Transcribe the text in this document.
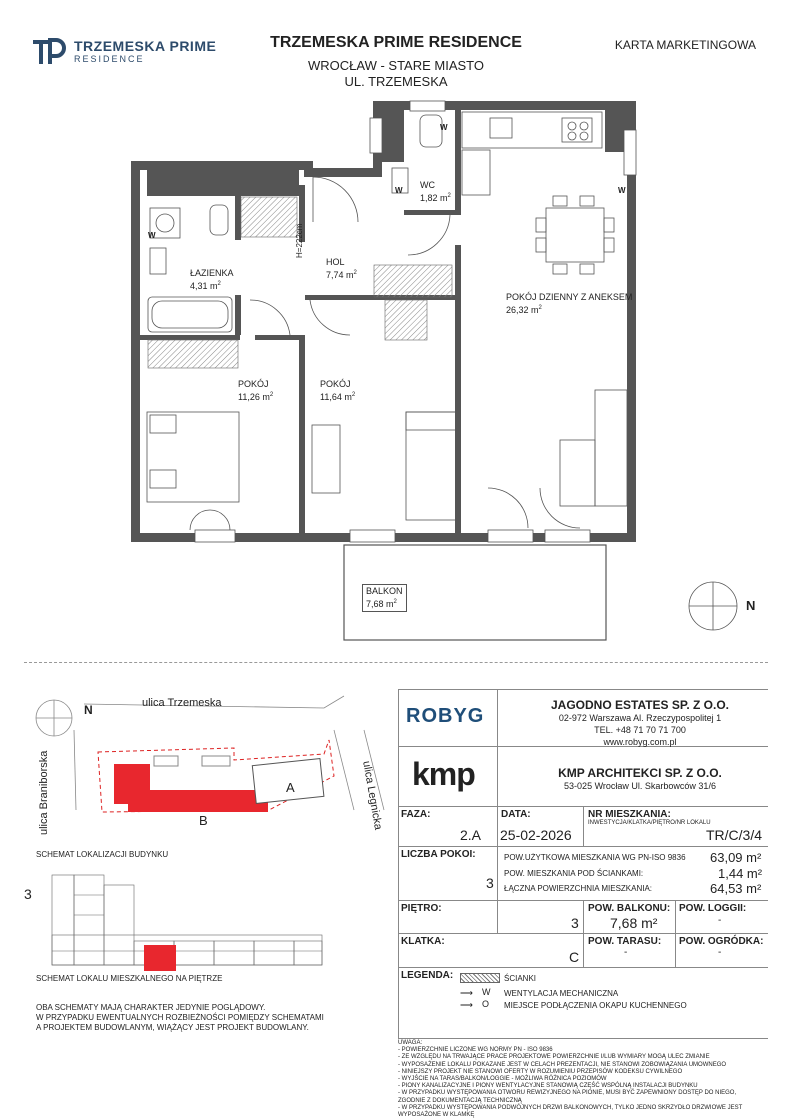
TRZEMESKA PRIME
RESIDENCE
TRZEMESKA PRIME RESIDENCE
WROCŁAW - STARE MIASTO
UL. TRZEMESKA
KARTA MARKETINGOWA
WC
1,82 $m^2$
ŁAZIENKA
4,31 $m^2$
HOL
7,74 $m^2$
POKÓJ DZIENNY Z ANEKSEM
26,32 $m^2$
POKÓJ
11,26 $m^2$
POKÓJ
11,64 $m^2$
BALKON
7,68 $m^2$
H=222cm
W
W
W	W
N
ulica Trzemeska
ulica Braniborska	ulica Legnicka
A
B
N
SCHEMAT LOKALIZACJI BUDYNKU
SCHEMAT LOKALU MIESZKALNEGO NA PIĘTRZE
3
OBA SCHEMATY MAJĄ CHARAKTER JEDYNIE POGLĄDOWY.
W PRZYPADKU EWENTUALNYCH ROZBIEŻNOŚCI POMIĘDZY SCHEMATAMI
A PROJEKTEM BUDOWLANYM, WIĄŻĄCY JEST PROJEKT BUDOWLANY.
ROBYG	JAGODNO ESTATES SP. Z O.O.
02-972 Warszawa Al. Rzeczypospolitej 1
TEL. +48 71 70 71 700
www.robyg.com.pl
kmp	KMP ARCHITEKCI SP. Z O.O.
53-025 Wrocław Ul. Skarbowców 31/6
FAZA:
2.A
DATA:
25-02-2026
NR MIESZKANIA:
INWESTYCJA/KLATKA/PIĘTRO/NR LOKALU
TR/C/3/4
LICZBA POKOI:
3
POW.UŻYTKOWA MIESZKANIA WG PN-ISO 9836 63,09 m²
POW. MIESZKANIA POD ŚCIANKAMI:	1,44 m²
ŁĄCZNA POWIERZCHNIA MIESZKANIA:	64,53 m²
PIĘTRO:
3
POW. BALKONU:
7,68 m²
POW. LOGGII:
-
KLATKA:
C
POW. TARASU:
-
POW. OGRÓDKA:
-
LEGENDA:	ŚCIANKI
⟶ W WENTYLACJA MECHANICZNA
⟶ O MIEJSCE PODŁĄCZENIA OKAPU KUCHENNEGO
UWAGA:
- POWIERZCHNIE LICZONE WG NORMY PN - ISO 9836
- ZE WZGLĘDU NA TRWAJĄCE PRACE PROJEKTOWE POWIERZCHNIE I/LUB WYMIARY MOGĄ ULEC ZMIANIE
- WYPOSAŻENIE LOKALU POKAZANE JEST W CELACH PREZENTACJI, NIE STANOWI ZOBOWIĄZANIA UMOWNEGO
- NINIEJSZY PROJEKT NIE STANOWI OFERTY W ROZUMIENIU PRZEPISÓW KODEKSU CYWILNEGO
- WYJŚCIE NA TARAS/BALKON/LOGGIE - MOŻLIWA RÓŻNICA POZIOMÓW
- PIONY KANALIZACYJNE I PIONY WENTYLACYJNE STANOWIĄ CZĘŚĆ WSPÓLNĄ INSTALACJI BUDYNKU
- W PRZYPADKU WYSTĘPOWANIA OTWORU REWIZYJNEGO NA PIONIE, MUSI BYĆ ZAPEWNIONY DOSTĘP DO NIEGO,
ZGODNIE Z DOKUMENTACJĄ TECHNICZNĄ
- W PRZYPADKU WYSTĘPOWANIA PODWÓJNYCH DRZWI BALKONOWYCH, TYLKO JEDNO SKRZYDŁO DRZWIOWE JEST
WYPOSAŻONE W KLAMKĘ
